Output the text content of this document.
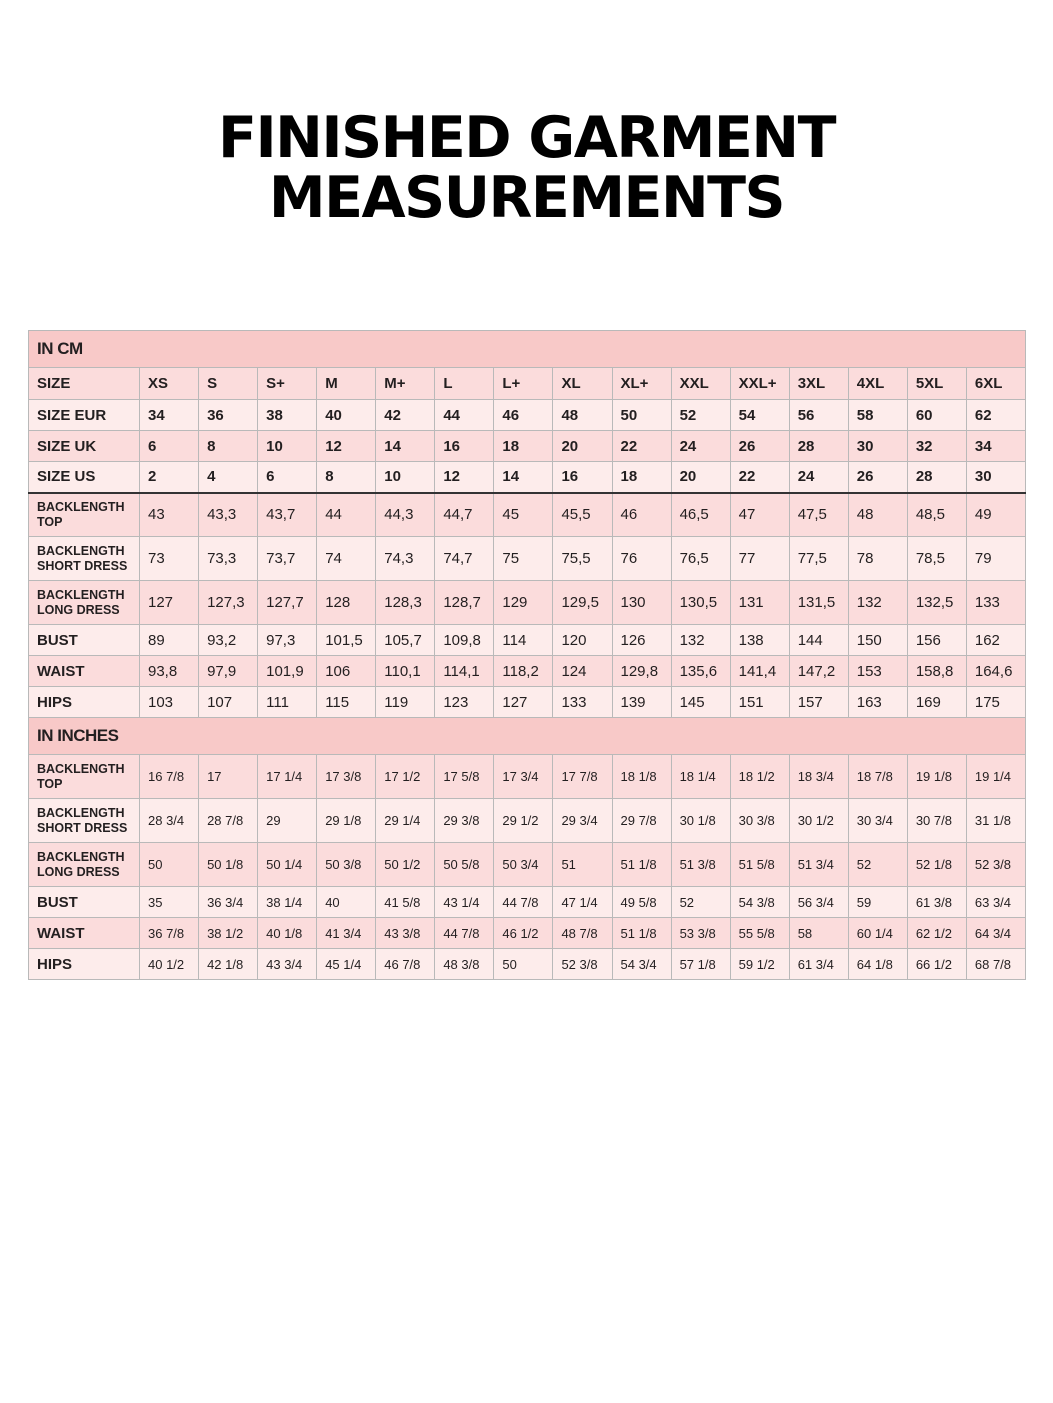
FINISHED GARMENT
MEASUREMENTS
IN CM															

SIZE	XS	S	S+	M	M+	L	L+	XL	XL+	XXL	XXL+	3XL	4XL	5XL	6XL

SIZE EUR	34	36	38	40	42	44	46	48	50	52	54	56	58	60	62

SIZE UK	6	8	10	12	14	16	18	20	22	24	26	28	30	32	34

SIZE US	2	4	6	8	10	12	14	16	18	20	22	24	26	28	30

BACKLENGTH
TOP	43	43,3	43,7	44	44,3	44,7	45	45,5	46	46,5	47	47,5	48	48,5	49

BACKLENGTH
SHORT DRESS	73	73,3	73,7	74	74,3	74,7	75	75,5	76	76,5	77	77,5	78	78,5	79

BACKLENGTH
LONG DRESS	127	127,3	127,7	128	128,3	128,7	129	129,5	130	130,5	131	131,5	132	132,5	133

BUST	89	93,2	97,3	101,5	105,7	109,8	114	120	126	132	138	144	150	156	162

WAIST	93,8	97,9	101,9	106	110,1	114,1	118,2	124	129,8	135,6	141,4	147,2	153	158,8	164,6

HIPS	103	107	111	115	119	123	127	133	139	145	151	157	163	169	175
IN INCHES															

BACKLENGTH
TOP	16 7/8	17	17 1/4	17 3/8	17 1/2	17 5/8	17 3/4	17 7/8	18 1/8	18 1/4	18 1/2	18 3/4	18 7/8	19 1/8	19 1/4

BACKLENGTH
SHORT DRESS	28 3/4	28 7/8	29	29 1/8	29 1/4	29 3/8	29 1/2	29 3/4	29 7/8	30 1/8	30 3/8	30 1/2	30 3/4	30 7/8	31 1/8

BACKLENGTH
LONG DRESS	50	50 1/8	50 1/4	50 3/8	50 1/2	50 5/8	50 3/4	51	51 1/8	51 3/8	51 5/8	51 3/4	52	52 1/8	52 3/8

BUST	35	36 3/4	38 1/4	40	41 5/8	43 1/4	44 7/8	47 1/4	49 5/8	52	54 3/8	56 3/4	59	61 3/8	63 3/4

WAIST	36 7/8	38 1/2	40 1/8	41 3/4	43 3/8	44 7/8	46 1/2	48 7/8	51 1/8	53 3/8	55 5/8	58	60 1/4	62 1/2	64 3/4

HIPS	40 1/2	42 1/8	43 3/4	45 1/4	46 7/8	48 3/8	50	52 3/8	54 3/4	57 1/8	59 1/2	61 3/4	64 1/8	66 1/2	68 7/8
